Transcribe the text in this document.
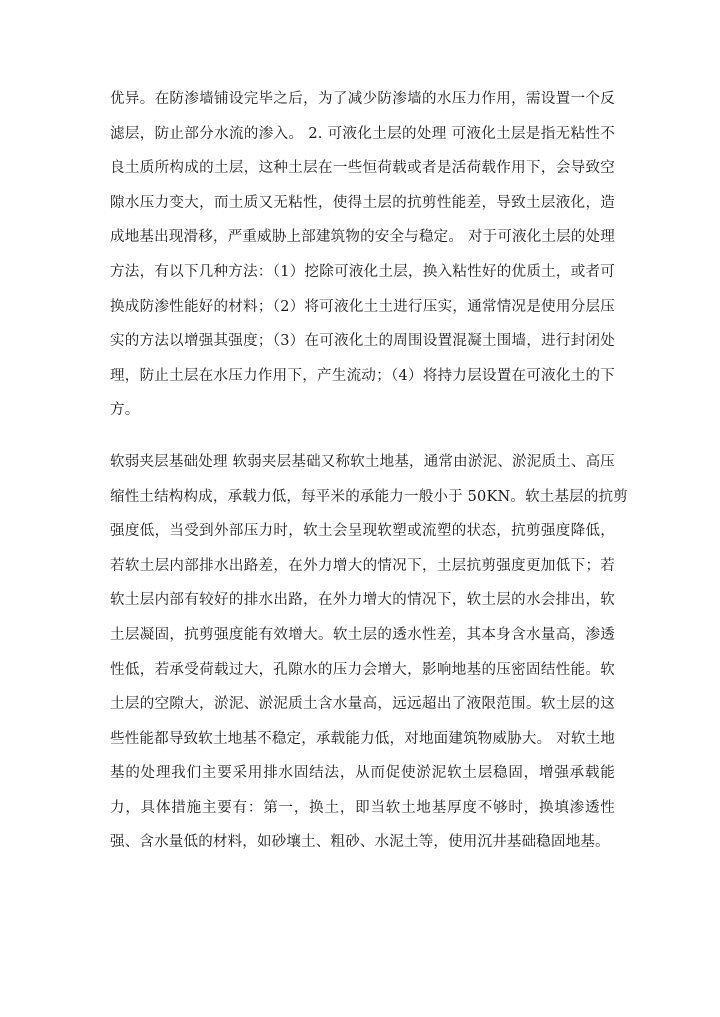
优异。在防渗墙铺设完毕之后，为了减少防渗墙的水压力作用，需设置一个反
滤层，防止部分水流的渗入。 2. 可液化土层的处理 可液化土层是指无粘性不
良土质所构成的土层，这种土层在一些恒荷载或者是活荷载作用下，会导致空
隙水压力变大，而土质又无粘性，使得土层的抗剪性能差，导致土层液化，造
成地基出现滑移，严重威胁上部建筑物的安全与稳定。 对于可液化土层的处理
方法，有以下几种方法：（1）挖除可液化土层，换入粘性好的优质土，或者可
换成防渗性能好的材料；（2）将可液化土土进行压实，通常情况是使用分层压
实的方法以增强其强度；（3）在可液化土的周围设置混凝土围墙，进行封闭处
理，防止土层在水压力作用下，产生流动；（4）将持力层设置在可液化土的下
方。
软弱夹层基础处理 软弱夹层基础又称软土地基，通常由淤泥、淤泥质土、高压
缩性土结构构成，承载力低，每平米的承能力一般小于 50KN。软土基层的抗剪
强度低，当受到外部压力时，软土会呈现软塑或流塑的状态，抗剪强度降低，
若软土层内部排水出路差，在外力增大的情况下，土层抗剪强度更加低下；若
软土层内部有较好的排水出路，在外力增大的情况下，软土层的水会排出，软
土层凝固，抗剪强度能有效增大。软土层的透水性差，其本身含水量高，渗透
性低，若承受荷载过大，孔隙水的压力会增大，影响地基的压密固结性能。软
土层的空隙大，淤泥、淤泥质土含水量高，远远超出了液限范围。软土层的这
些性能都导致软土地基不稳定，承载能力低，对地面建筑物威胁大。 对软土地
基的处理我们主要采用排水固结法，从而促使淤泥软土层稳固，增强承载能
力，具体措施主要有：第一，换土，即当软土地基厚度不够时，换填渗透性
强、含水量低的材料，如砂壤土、粗砂、水泥土等，使用沉井基础稳固地基。
